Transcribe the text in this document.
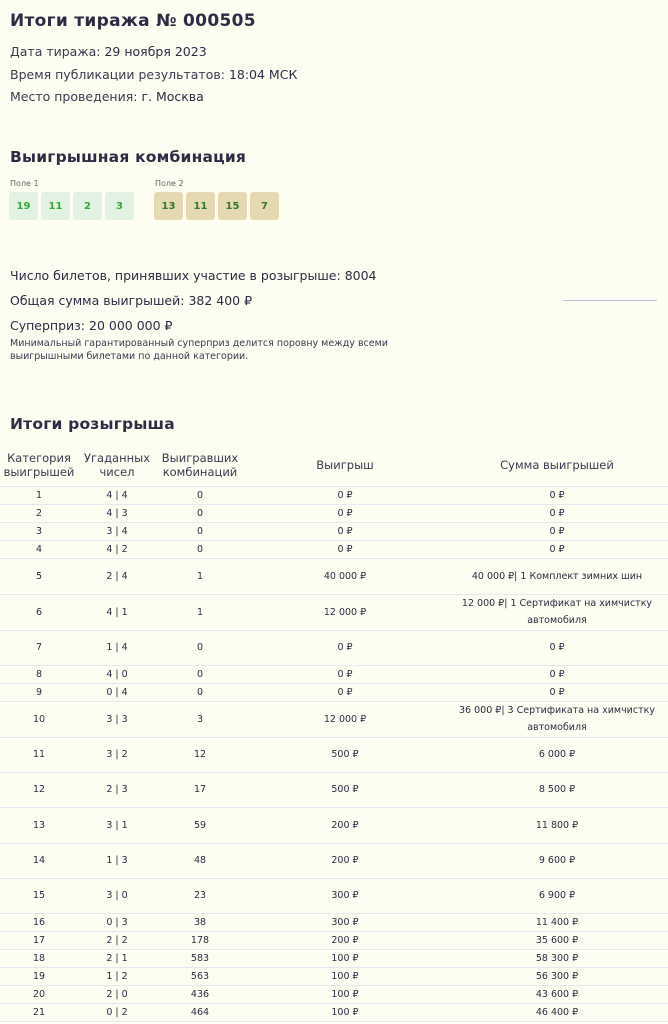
Итоги тиража № 000505
Дата тиража: 29 ноября 2023
Время публикации результатов: 18:04 МСК
Место проведения: г. Москва
Выигрышная комбинация
Поле 1
19	11	2	3
Поле 2
13	11	15	7
Число билетов, принявших участие в розыгрыше: 8004
Общая сумма выигрышей: 382 400 ₽
Суперприз: 20 000 000 ₽
Минимальный гарантированный суперприз делится поровну между всеми выигрышными билетами по данной категории.
Итоги розыгрыша
Категория выигрышей	Угаданных чисел	Выигравших комбинаций	Выигрыш	Сумма выигрышей
1	4 | 4	0	0 ₽	0 ₽
2	4 | 3	0	0 ₽	0 ₽
3	3 | 4	0	0 ₽	0 ₽
4	4 | 2	0	0 ₽	0 ₽
5	2 | 4	1	40 000 ₽	40 000 ₽| 1 Комплект зимних шин
6	4 | 1	1	12 000 ₽	12 000 ₽| 1 Сертификат на химчистку автомобиля
7	1 | 4	0	0 ₽	0 ₽
8	4 | 0	0	0 ₽	0 ₽
9	0 | 4	0	0 ₽	0 ₽
10	3 | 3	3	12 000 ₽	36 000 ₽| 3 Сертификата на химчистку автомобиля
11	3 | 2	12	500 ₽	6 000 ₽
12	2 | 3	17	500 ₽	8 500 ₽
13	3 | 1	59	200 ₽	11 800 ₽
14	1 | 3	48	200 ₽	9 600 ₽
15	3 | 0	23	300 ₽	6 900 ₽
16	0 | 3	38	300 ₽	11 400 ₽
17	2 | 2	178	200 ₽	35 600 ₽
18	2 | 1	583	100 ₽	58 300 ₽
19	1 | 2	563	100 ₽	56 300 ₽
20	2 | 0	436	100 ₽	43 600 ₽
21	0 | 2	464	100 ₽	46 400 ₽
